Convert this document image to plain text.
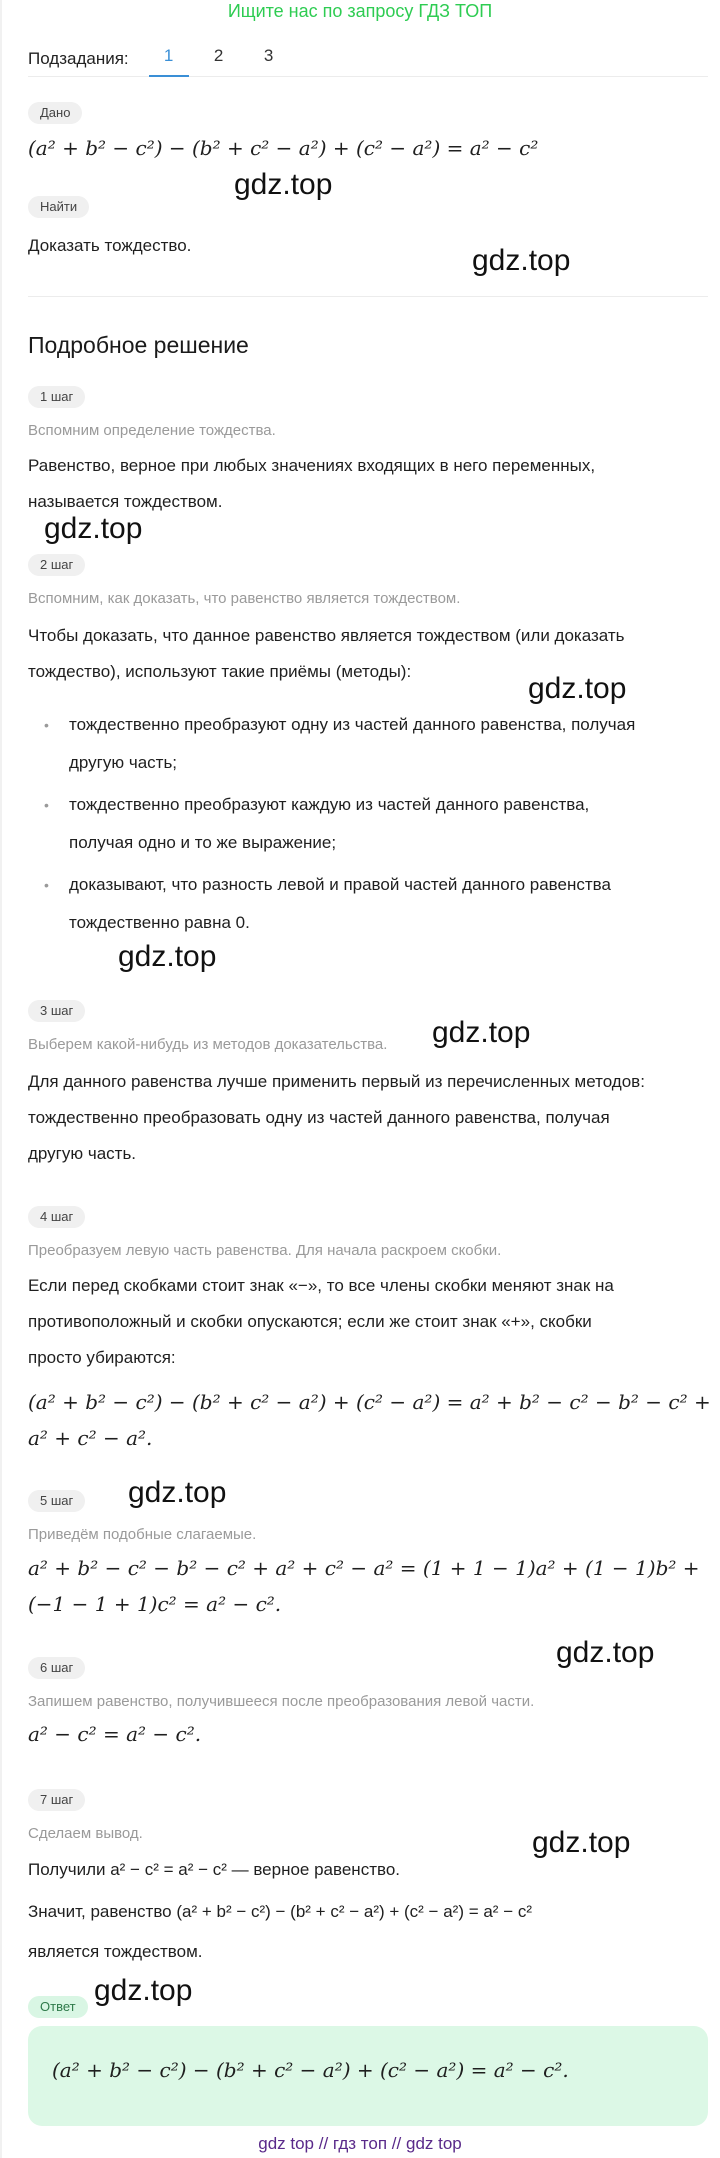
Ищите нас по запросу ГДЗ ТОП
Подзадания:	1	2	3
Дано
(a² + b² − c²) − (b² + c² − a²) + (c² − a²) = a² − c²
Найти
Доказать тождество.
Подробное решение
1 шаг
Вспомним определение тождества.
Равенство, верное при любых значениях входящих в него переменных,
называется тождеством.
2 шаг
Вспомним, как доказать, что равенство является тождеством.
Чтобы доказать, что данное равенство является тождеством (или доказать
тождество), используют такие приёмы (методы):
• тождественно преобразуют одну из частей данного равенства, получая
другую часть;
• тождественно преобразуют каждую из частей данного равенства,
получая одно и то же выражение;
• доказывают, что разность левой и правой частей данного равенства
тождественно равна 0.
3 шаг
Выберем какой-нибудь из методов доказательства.
Для данного равенства лучше применить первый из перечисленных методов:
тождественно преобразовать одну из частей данного равенства, получая
другую часть.
4 шаг
Преобразуем левую часть равенства. Для начала раскроем скобки.
Если перед скобками стоит знак «−», то все члены скобки меняют знак на
противоположный и скобки опускаются; если же стоит знак «+», скобки
просто убираются:
(a² + b² − c²) − (b² + c² − a²) + (c² − a²) = a² + b² − c² − b² − c² +
a² + c² − a².
5 шаг
Приведём подобные слагаемые.
a² + b² − c² − b² − c² + a² + c² − a² = (1 + 1 − 1)a² + (1 − 1)b² +
(−1 − 1 + 1)c² = a² − c².
6 шаг
Запишем равенство, получившееся после преобразования левой части.
a² − c² = a² − c².
7 шаг
Сделаем вывод.
Получили a² − c² = a² − c² — верное равенство.
Значит, равенство (a² + b² − c²) − (b² + c² − a²) + (c² − a²) = a² − c²
является тождеством.
Ответ
(a² + b² − c²) − (b² + c² − a²) + (c² − a²) = a² − c².
gdz.top
gdz.top
gdz.top
gdz.top
gdz.top
gdz.top
gdz.top
gdz.top
gdz.top
gdz.top
gdz top // гдз топ // gdz top
